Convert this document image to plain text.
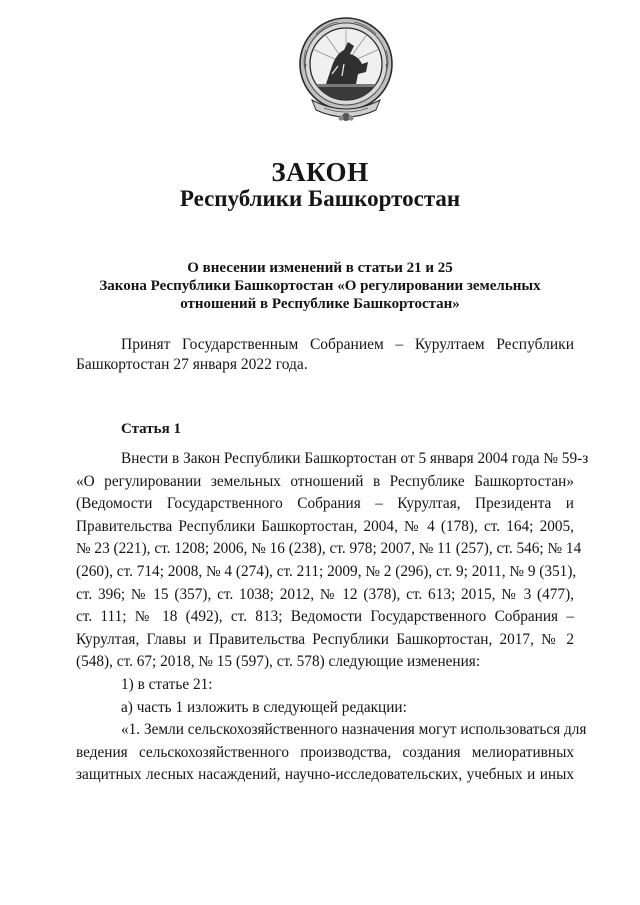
ЗАКОН
Республики Башкортостан
О внесении изменений в статьи 21 и 25
Закона Республики Башкортостан «О регулировании земельных
отношений в Республике Башкортостан»
Принят Государственным Собранием – Курултаем Республики
Башкортостан 27 января 2022 года.
Статья 1
Внести в Закон Республики Башкортостан от 5 января 2004 года № 59-з
«О регулировании земельных отношений в Республике Башкортостан»
(Ведомости Государственного Собрания – Курултая, Президента и
Правительства Республики Башкортостан, 2004, № 4 (178), ст. 164; 2005,
№ 23 (221), ст. 1208; 2006, № 16 (238), ст. 978; 2007, № 11 (257), ст. 546; № 14
(260), ст. 714; 2008, № 4 (274), ст. 211; 2009, № 2 (296), ст. 9; 2011, № 9 (351),
ст. 396; № 15 (357), ст. 1038; 2012, № 12 (378), ст. 613; 2015, № 3 (477),
ст. 111; № 18 (492), ст. 813; Ведомости Государственного Собрания –
Курултая, Главы и Правительства Республики Башкортостан, 2017, № 2
(548), ст. 67; 2018, № 15 (597), ст. 578) следующие изменения:
1) в статье 21:
а) часть 1 изложить в следующей редакции:
«1. Земли сельскохозяйственного назначения могут использоваться для
ведения сельскохозяйственного производства, создания мелиоративных
защитных лесных насаждений, научно-исследовательских, учебных и иных
